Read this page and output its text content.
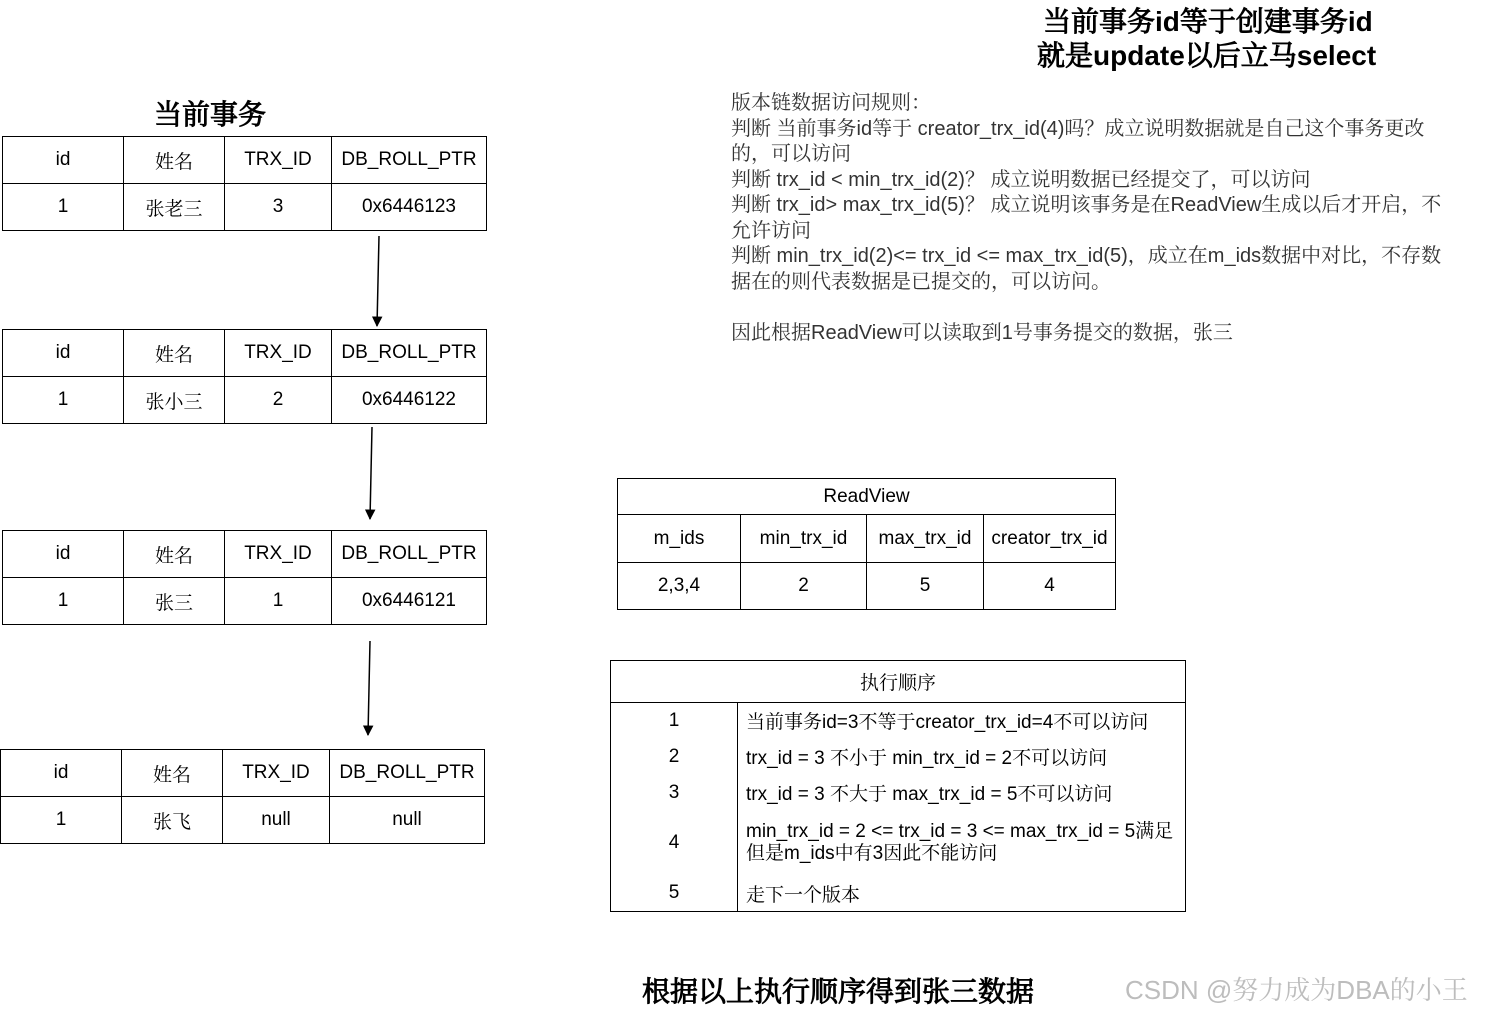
当前事务id等于创建事务id
就是update以后立马select
当前事务
id	姓名	TRX_ID	DB_ROLL_PTR
1	张老三	3	0x6446123
id	姓名	TRX_ID	DB_ROLL_PTR
1	张小三	2	0x6446122
id	姓名	TRX_ID	DB_ROLL_PTR
1	张三	1	0x6446121
id	姓名	TRX_ID	DB_ROLL_PTR
1	张飞	null	null
版本链数据访问规则：
判断 当前事务id等于 creator_trx_id(4)吗？成立说明数据就是自己这个事务更改
的，可以访问
判断 trx_id < min_trx_id(2)？ 成立说明数据已经提交了，可以访问
判断 trx_id> max_trx_id(5)？ 成立说明该事务是在ReadView生成以后才开启，不
允许访问
判断 min_trx_id(2)<= trx_id <= max_trx_id(5)，成立在m_ids数据中对比，不存数
据在的则代表数据是已提交的，可以访问。

因此根据ReadView可以读取到1号事务提交的数据，张三
ReadView			
m_ids	min_trx_id	max_trx_id	creator_trx_id
2,3,4	2	5	4
执行顺序	
1	当前事务id=3不等于creator_trx_id=4不可以访问
2	trx_id = 3 不小于 min_trx_id = 2不可以访问
3	trx_id = 3 不大于 max_trx_id = 5不可以访问
4	min_trx_id = 2 <= trx_id = 3 <= max_trx_id = 5满足
但是m_ids中有3因此不能访问
5	走下一个版本
根据以上执行顺序得到张三数据	CSDN @努力成为DBA的小王
